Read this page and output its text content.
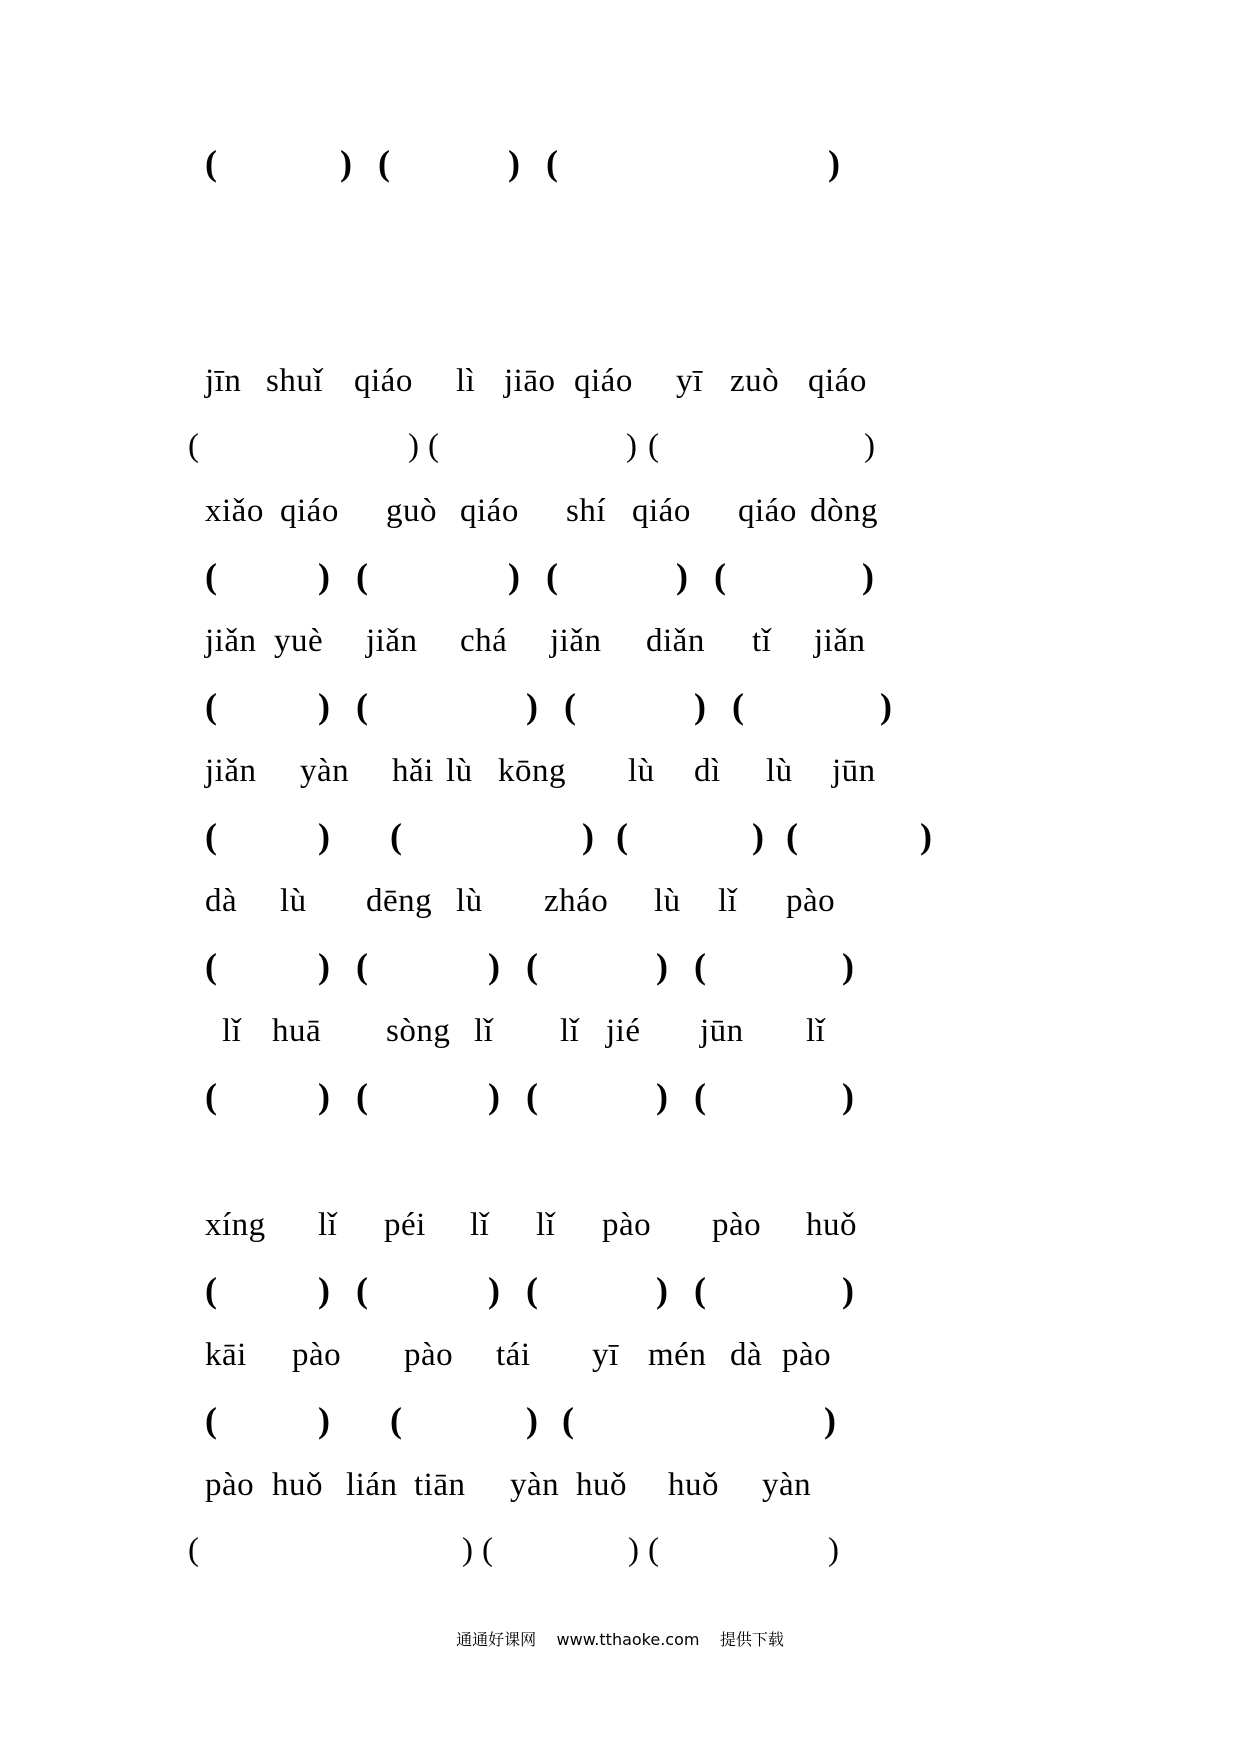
(	) (	) (	)
jīn shuǐ qiáo lì jiāo qiáo yī zuò qiáo
(	) (	) (	)
xiǎo qiáo guò qiáo shí qiáo qiáo dòng
(	) (	) (	) (	)
jiǎn yuè jiǎn chá jiǎn diǎn tǐ jiǎn
(	) (	) (	) (	)
jiǎn yàn hǎi lù kōng lù dì lù jūn
(	) (	) (	) (	)
dà lù dēng lù zháo lù lǐ pào
(	) (	) (	) (	)
lǐ huā sòng lǐ lǐ jié jūn lǐ
(	) (	) (	) (	)
xíng lǐ péi lǐ lǐ pào pào huǒ
(	) (	) (	) (	)
kāi pào pào tái yī mén dà pào
(	) (	) (	)
pào huǒ lián tiān yàn huǒ huǒ yàn
(	) (	) (	)
通通好课网 www.tthaoke.com 提供下载
